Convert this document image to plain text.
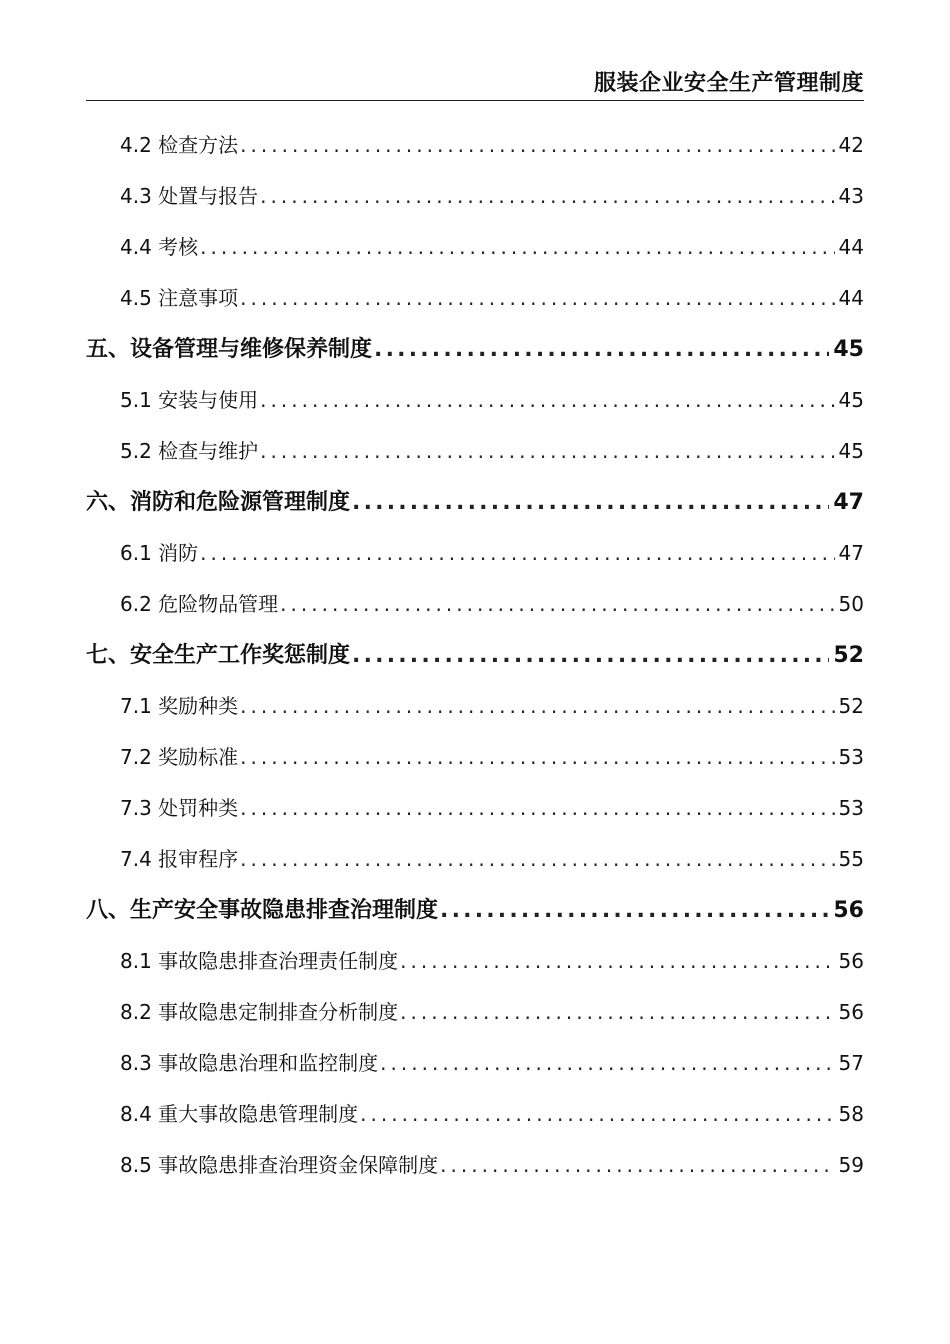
服装企业安全生产管理制度
4.2 检查方法 .....	42
4.3 处置与报告 .....	43
4.4 考核 .....	44
4.5 注意事项 .....	44
五、设备管理与维修保养制度 .....	45
5.1 安装与使用 .....	45
5.2 检查与维护 .....	45
六、消防和危险源管理制度 .....	47
6.1 消防 .....	47
6.2 危险物品管理 .....	50
七、安全生产工作奖惩制度 .....	52
7.1 奖励种类 .....	52
7.2 奖励标准 .....	53
7.3 处罚种类 .....	53
7.4 报审程序 .....	55
八、生产安全事故隐患排查治理制度 .....	56
8.1 事故隐患排查治理责任制度 .....	56
8.2 事故隐患定制排查分析制度 .....	56
8.3 事故隐患治理和监控制度 .....	57
8.4 重大事故隐患管理制度 .....	58
8.5 事故隐患排查治理资金保障制度 .....	59
